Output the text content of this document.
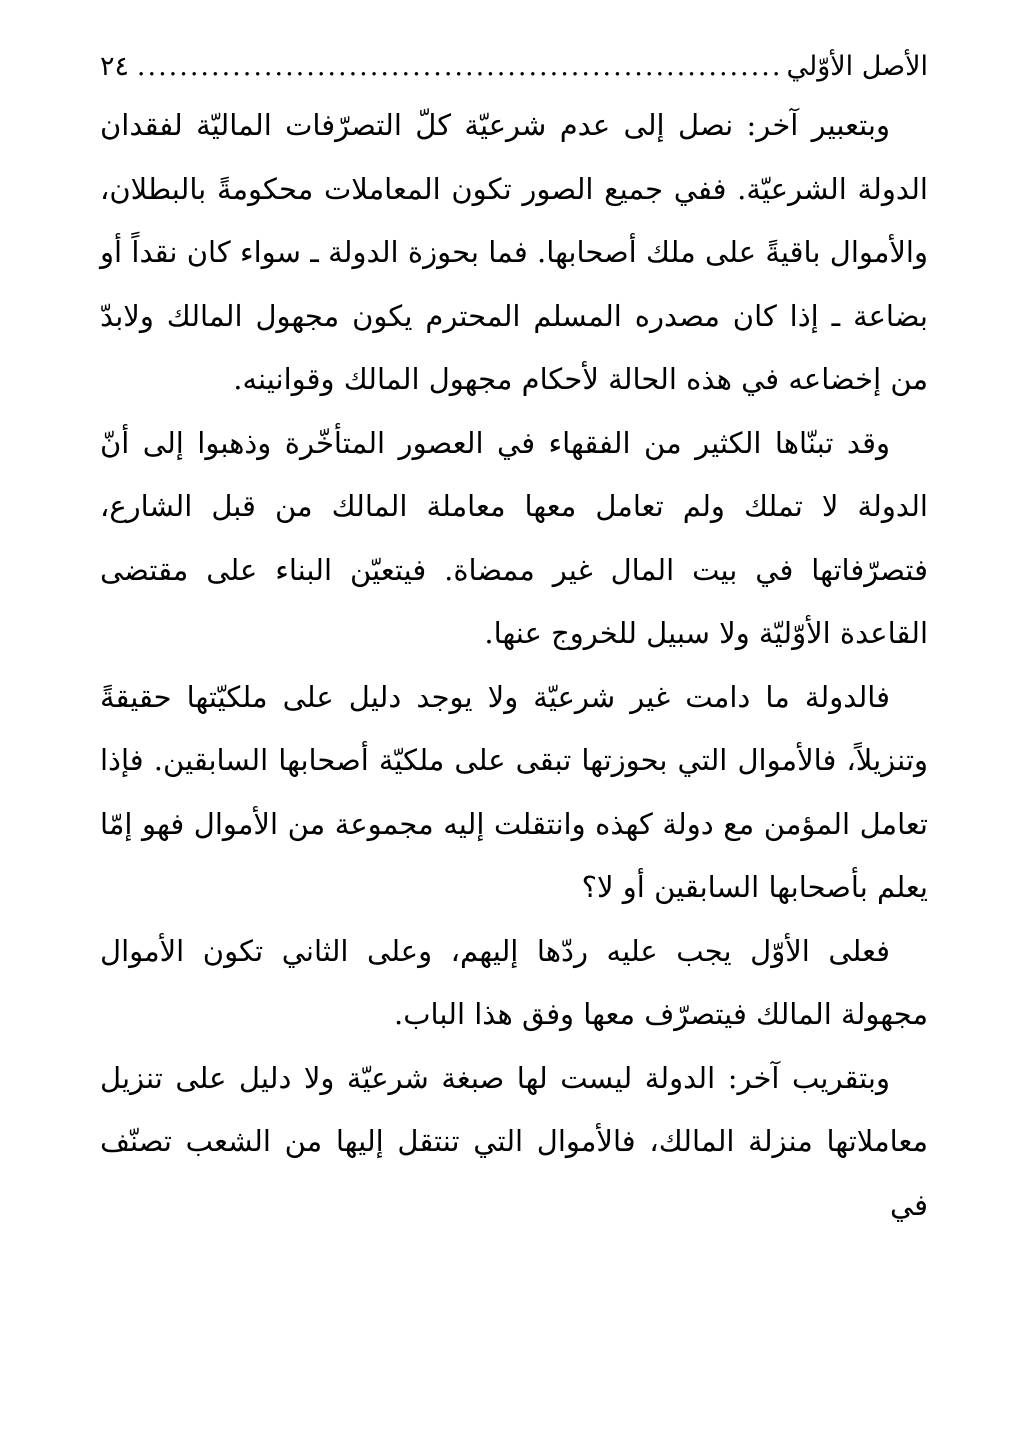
الأصل الأوّلي
.....
٢٤

وبتعبير آخر: نصل إلى عدم شرعيّة كلّ التصرّفات الماليّة لفقدان الدولة الشرعيّة. ففي جميع الصور تكون المعاملات محكومةً بالبطلان، والأموال باقيةً على ملك أصحابها. فما بحوزة الدولة ـ سواء كان نقداً أو بضاعة ـ إذا كان مصدره المسلم المحترم يكون مجهول المالك ولابدّ من إخضاعه في هذه الحالة لأحكام مجهول المالك وقوانينه.

وقد تبنّاها الكثير من الفقهاء في العصور المتأخّرة وذهبوا إلى أنّ الدولة لا تملك ولم تعامل معها معاملة المالك من قبل الشارع، فتصرّفاتها في بيت المال غير ممضاة. فيتعيّن البناء على مقتضى القاعدة الأوّليّة ولا سبيل للخروج عنها.

فالدولة ما دامت غير شرعيّة ولا يوجد دليل على ملكيّتها حقيقةً وتنزيلاً، فالأموال التي بحوزتها تبقى على ملكيّة أصحابها السابقين. فإذا تعامل المؤمن مع دولة كهذه وانتقلت إليه مجموعة من الأموال فهو إمّا يعلم بأصحابها السابقين أو لا؟

فعلى الأوّل يجب عليه ردّها إليهم، وعلى الثاني تكون الأموال مجهولة المالك فيتصرّف معها وفق هذا الباب.

وبتقريب آخر: الدولة ليست لها صبغة شرعيّة ولا دليل على تنزيل معاملاتها منزلة المالك، فالأموال التي تنتقل إليها من الشعب تصنّف في
